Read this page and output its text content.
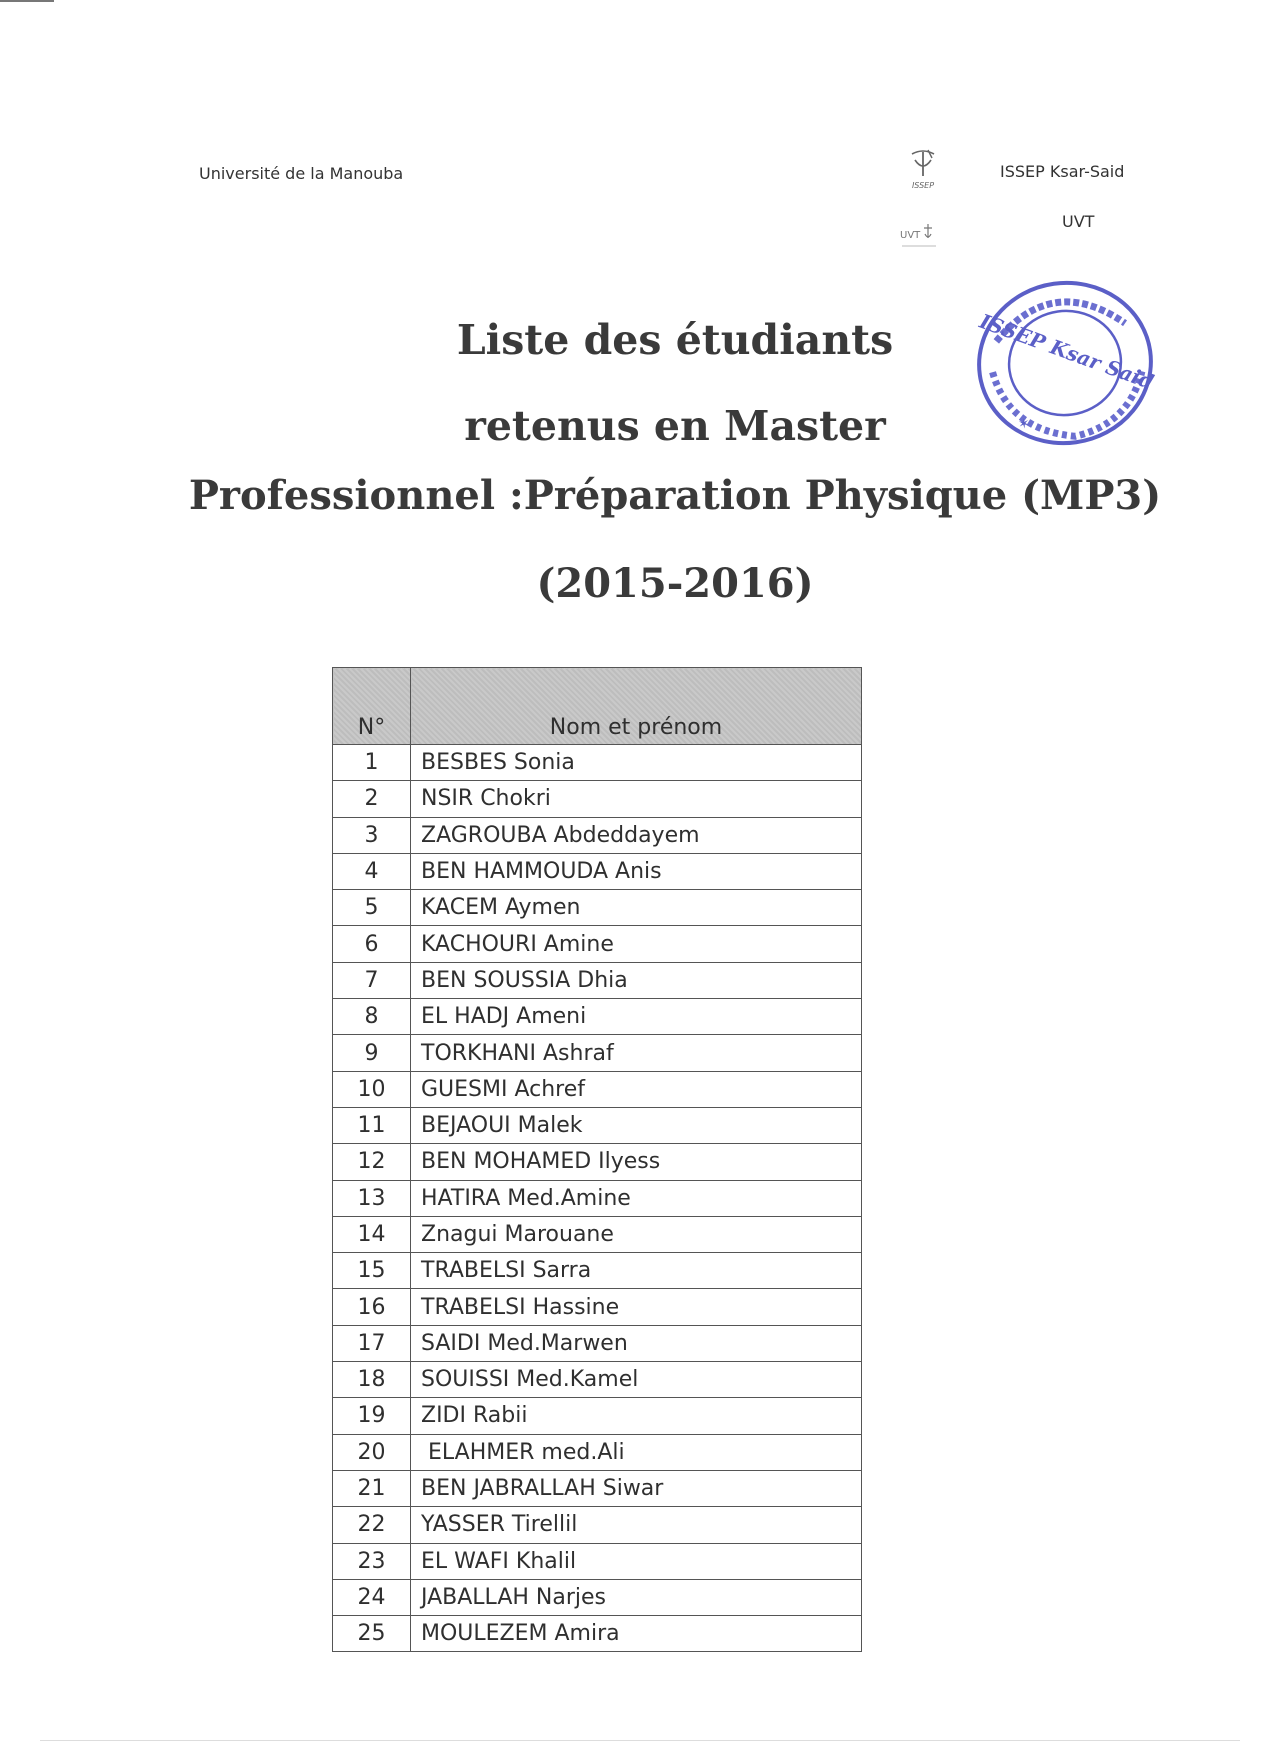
Université de la Manouba
ISSEP
ISSEP Ksar-Said
UVT
UVT
ISSEP Ksar Said
✶
Liste des étudiants
retenus en Master
Professionnel :Préparation Physique (MP3)
(2015-2016)
N°	Nom et prénom
1	BESBES Sonia
2	NSIR Chokri
3	ZAGROUBA Abdeddayem
4	BEN HAMMOUDA Anis
5	KACEM Aymen
6	KACHOURI Amine
7	BEN SOUSSIA Dhia
8	EL HADJ Ameni
9	TORKHANI Ashraf
10	GUESMI Achref
11	BEJAOUI Malek
12	BEN MOHAMED Ilyess
13	HATIRA Med.Amine
14	Znagui Marouane
15	TRABELSI Sarra
16	TRABELSI Hassine
17	SAIDI Med.Marwen
18	SOUISSI Med.Kamel
19	ZIDI Rabii
20	ELAHMER med.Ali
21	BEN JABRALLAH Siwar
22	YASSER Tirellil
23	EL WAFI Khalil
24	JABALLAH Narjes
25	MOULEZEM Amira
